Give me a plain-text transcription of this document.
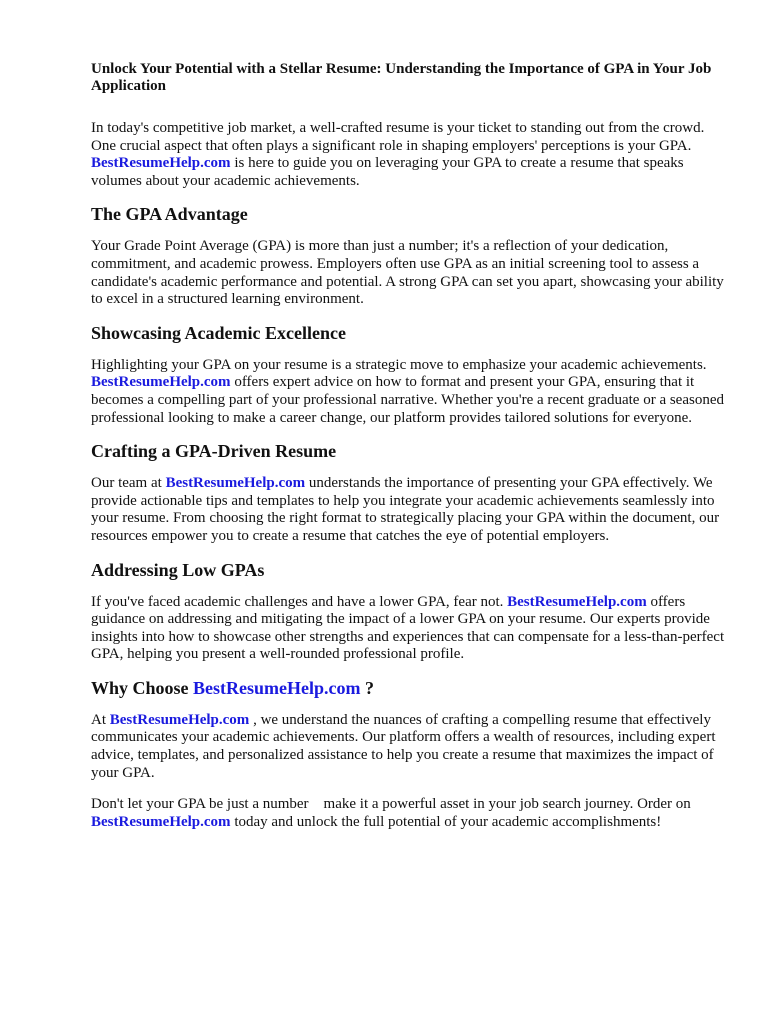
Unlock Your Potential with a Stellar Resume: Understanding the Importance of GPA in Your Job Application

In today's competitive job market, a well-crafted resume is your ticket to standing out from the crowd. One crucial aspect that often plays a significant role in shaping employers' perceptions is your GPA. BestResumeHelp.com is here to guide you on leveraging your GPA to create a resume that speaks volumes about your academic achievements.

The GPA Advantage

Your Grade Point Average (GPA) is more than just a number; it's a reflection of your dedication, commitment, and academic prowess. Employers often use GPA as an initial screening tool to assess a candidate's academic performance and potential. A strong GPA can set you apart, showcasing your ability to excel in a structured learning environment.

Showcasing Academic Excellence

Highlighting your GPA on your resume is a strategic move to emphasize your academic achievements. BestResumeHelp.com offers expert advice on how to format and present your GPA, ensuring that it becomes a compelling part of your professional narrative. Whether you're a recent graduate or a seasoned professional looking to make a career change, our platform provides tailored solutions for everyone.

Crafting a GPA-Driven Resume

Our team at BestResumeHelp.com understands the importance of presenting your GPA effectively. We provide actionable tips and templates to help you integrate your academic achievements seamlessly into your resume. From choosing the right format to strategically placing your GPA within the document, our resources empower you to create a resume that catches the eye of potential employers.

Addressing Low GPAs

If you've faced academic challenges and have a lower GPA, fear not. BestResumeHelp.com offers guidance on addressing and mitigating the impact of a lower GPA on your resume. Our experts provide insights into how to showcase other strengths and experiences that can compensate for a less-than-perfect GPA, helping you present a well-rounded professional profile.

Why Choose BestResumeHelp.com ?

At BestResumeHelp.com , we understand the nuances of crafting a compelling resume that effectively communicates your academic achievements. Our platform offers a wealth of resources, including expert advice, templates, and personalized assistance to help you create a resume that maximizes the impact of your GPA.

Don't let your GPA be just a number    make it a powerful asset in your job search journey. Order on BestResumeHelp.com today and unlock the full potential of your academic accomplishments!
